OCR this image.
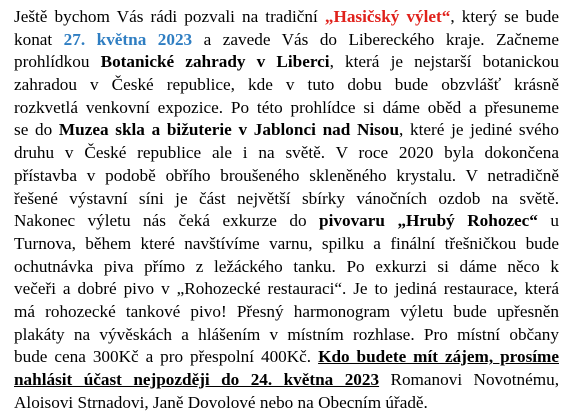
Ještě bychom Vás rádi pozvali na tradiční „Hasičský výlet“, který se bude
konat 27. května 2023 a zavede Vás do Libereckého kraje. Začneme
prohlídkou Botanické zahrady v Liberci, která je nejstarší botanickou
zahradou v České republice, kde v tuto dobu bude obzvlášť krásně
rozkvetlá venkovní expozice. Po této prohlídce si dáme oběd a přesuneme
se do Muzea skla a bižuterie v Jablonci nad Nisou, které je jediné svého
druhu v České republice ale i na světě. V roce 2020 byla dokončena
přístavba v podobě obřího broušeného skleněného krystalu. V netradičně
řešené výstavní síni je část největší sbírky vánočních ozdob na světě.
Nakonec výletu nás čeká exkurze do pivovaru „Hrubý Rohozec“ u
Turnova, během které navštívíme varnu, spilku a finální třešničkou bude
ochutnávka piva přímo z ležáckého tanku. Po exkurzi si dáme něco k
večeři a dobré pivo v „Rohozecké restauraci“. Je to jediná restaurace, která
má rohozecké tankové pivo! Přesný harmonogram výletu bude upřesněn
plakáty na vývěskách a hlášením v místním rozhlase. Pro místní občany
bude cena 300Kč a pro přespolní 400Kč. Kdo budete mít zájem, prosíme
nahlásit účast nejpozději do 24. května 2023 Romanovi Novotnému,
Aloisovi Strnadovi, Janě Dovolové nebo na Obecním úřadě.
